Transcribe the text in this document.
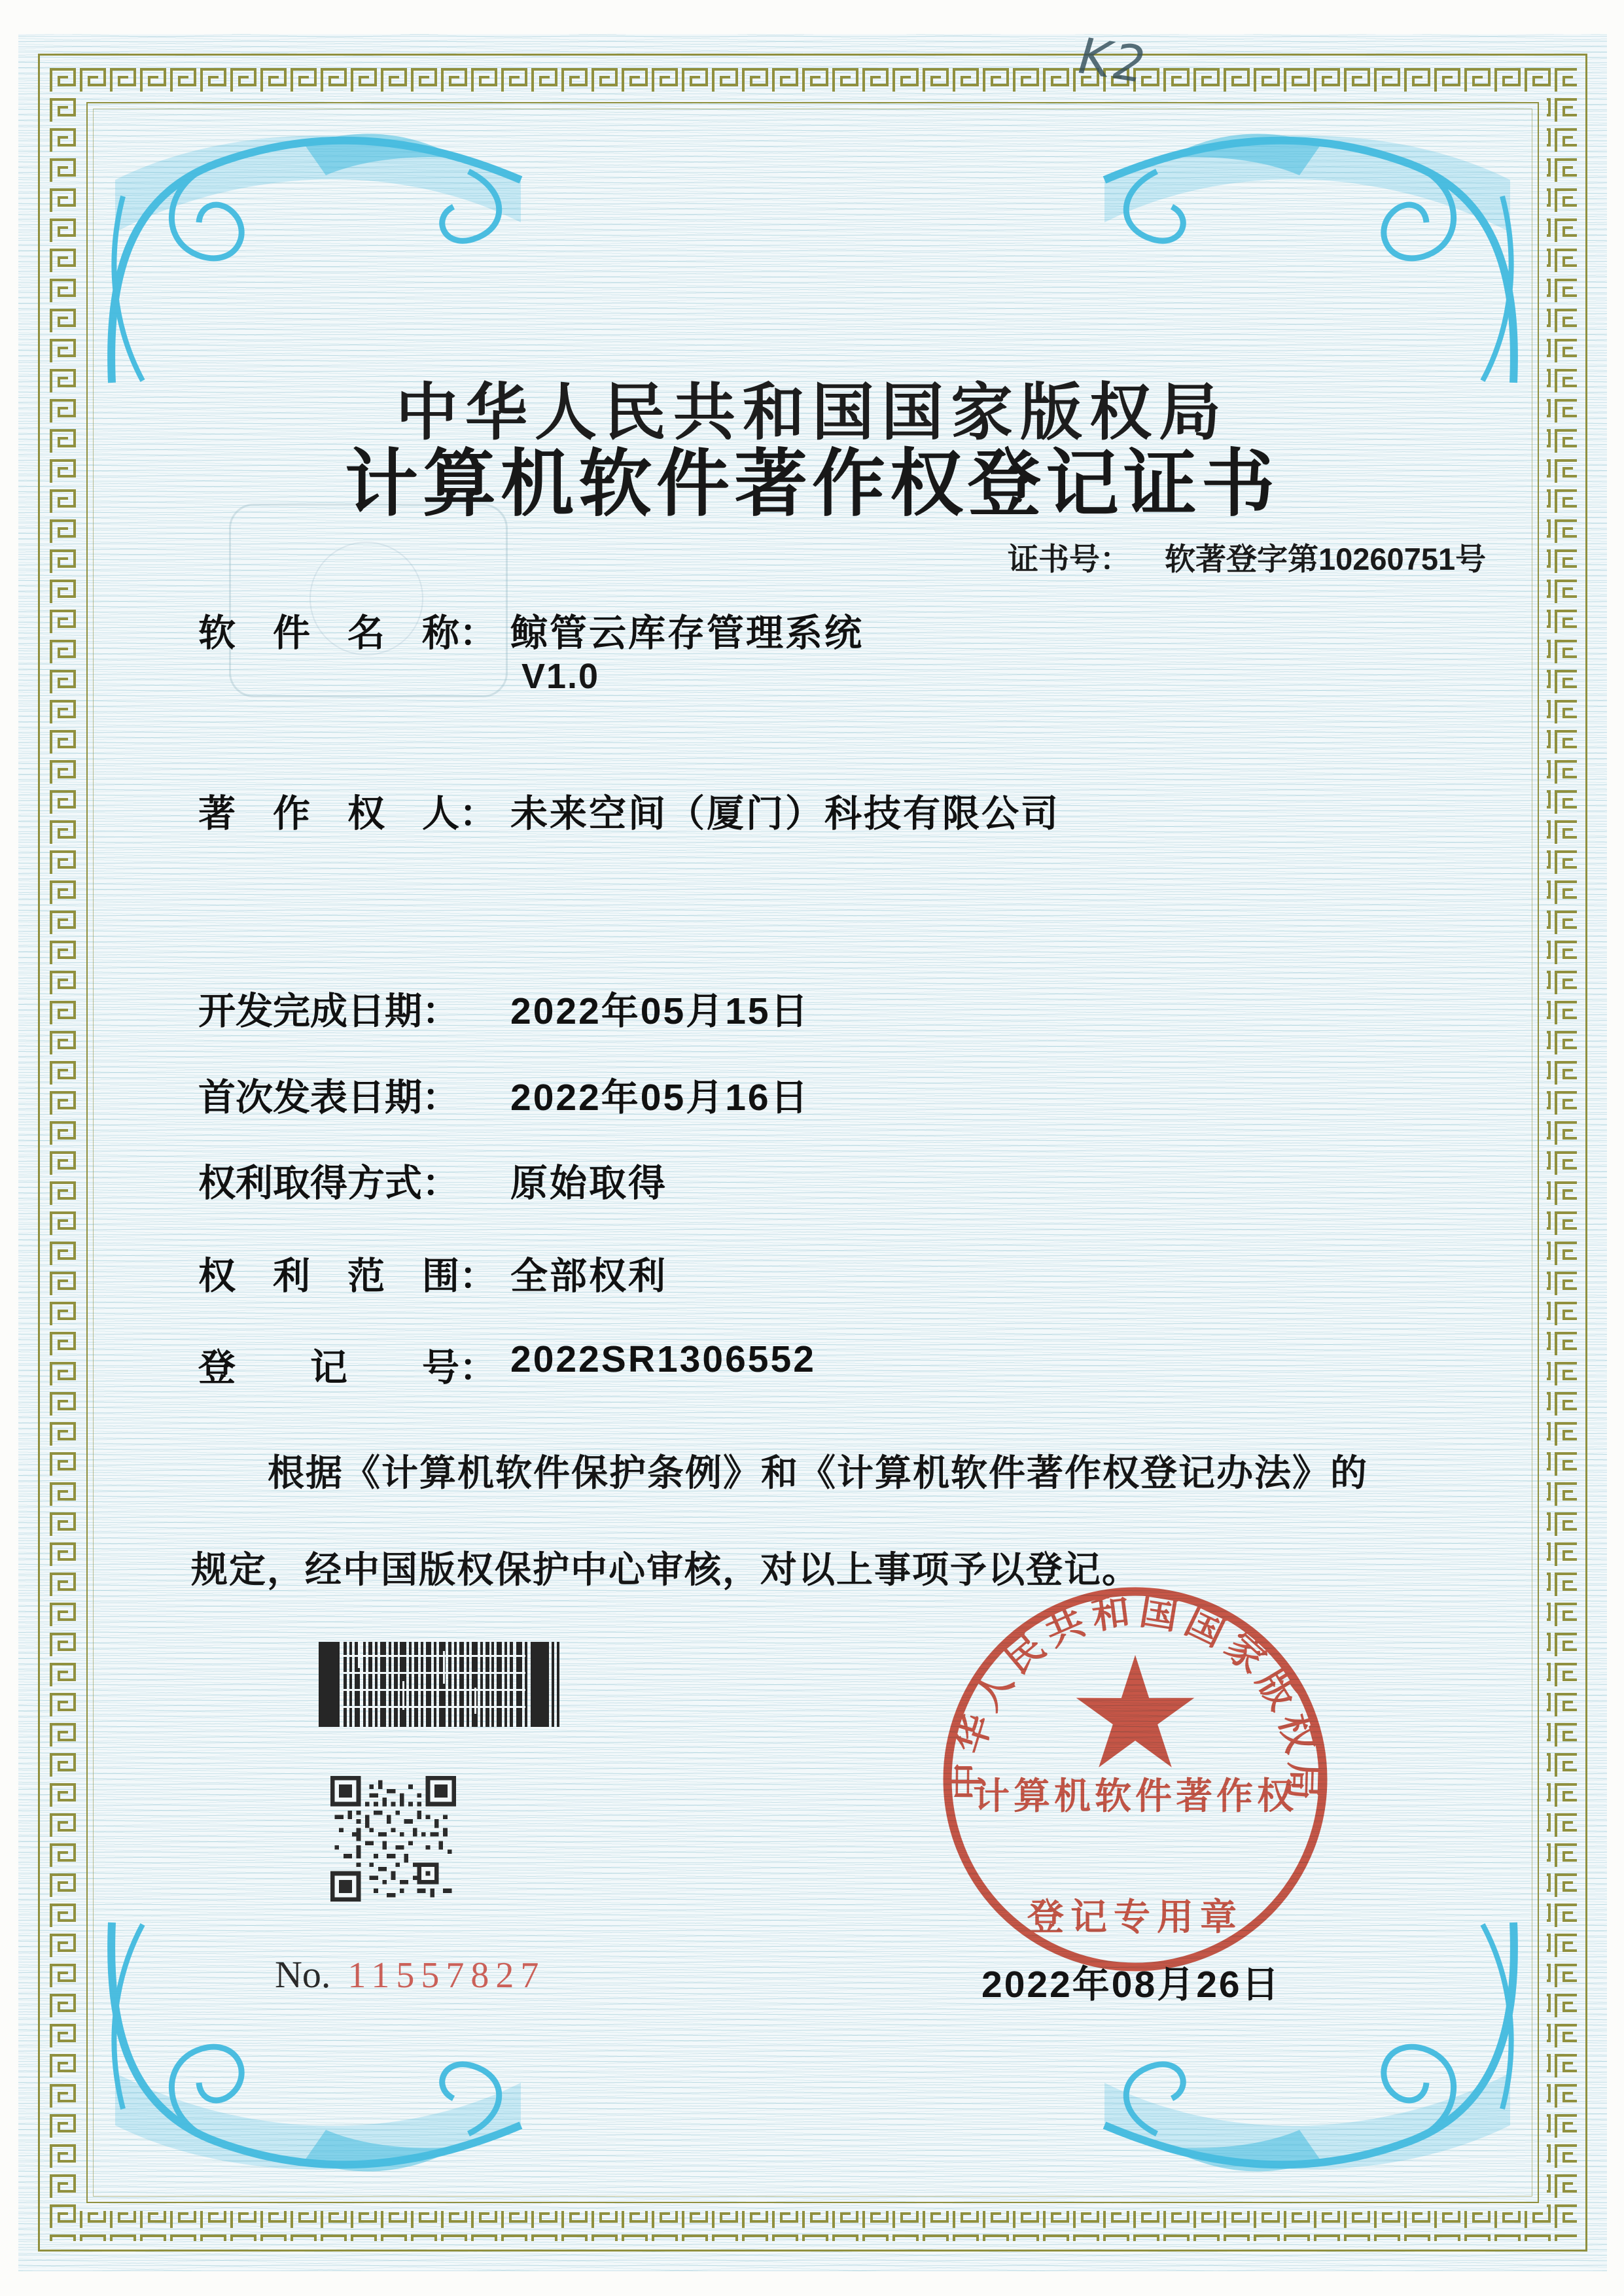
K2
中华人民共和国国家版权局
计算机软件著作权登记证书
证书号： 软著登字第10260751号
软　件　名　称： 鲸管云库存管理系统
V1.0
著　作　权　人： 未来空间（厦门）科技有限公司
开发完成日期： 2022年05月15日
首次发表日期： 2022年05月16日
权利取得方式： 原始取得
权　利　范　围： 全部权利
登　　记　　号： 2022SR1306552
根据《计算机软件保护条例》和《计算机软件著作权登记办法》的
规定，经中国版权保护中心审核，对以上事项予以登记。
No. 11557827
中华人民共和国国家版权局
计算机软件著作权
登记专用章
2022年08月26日
